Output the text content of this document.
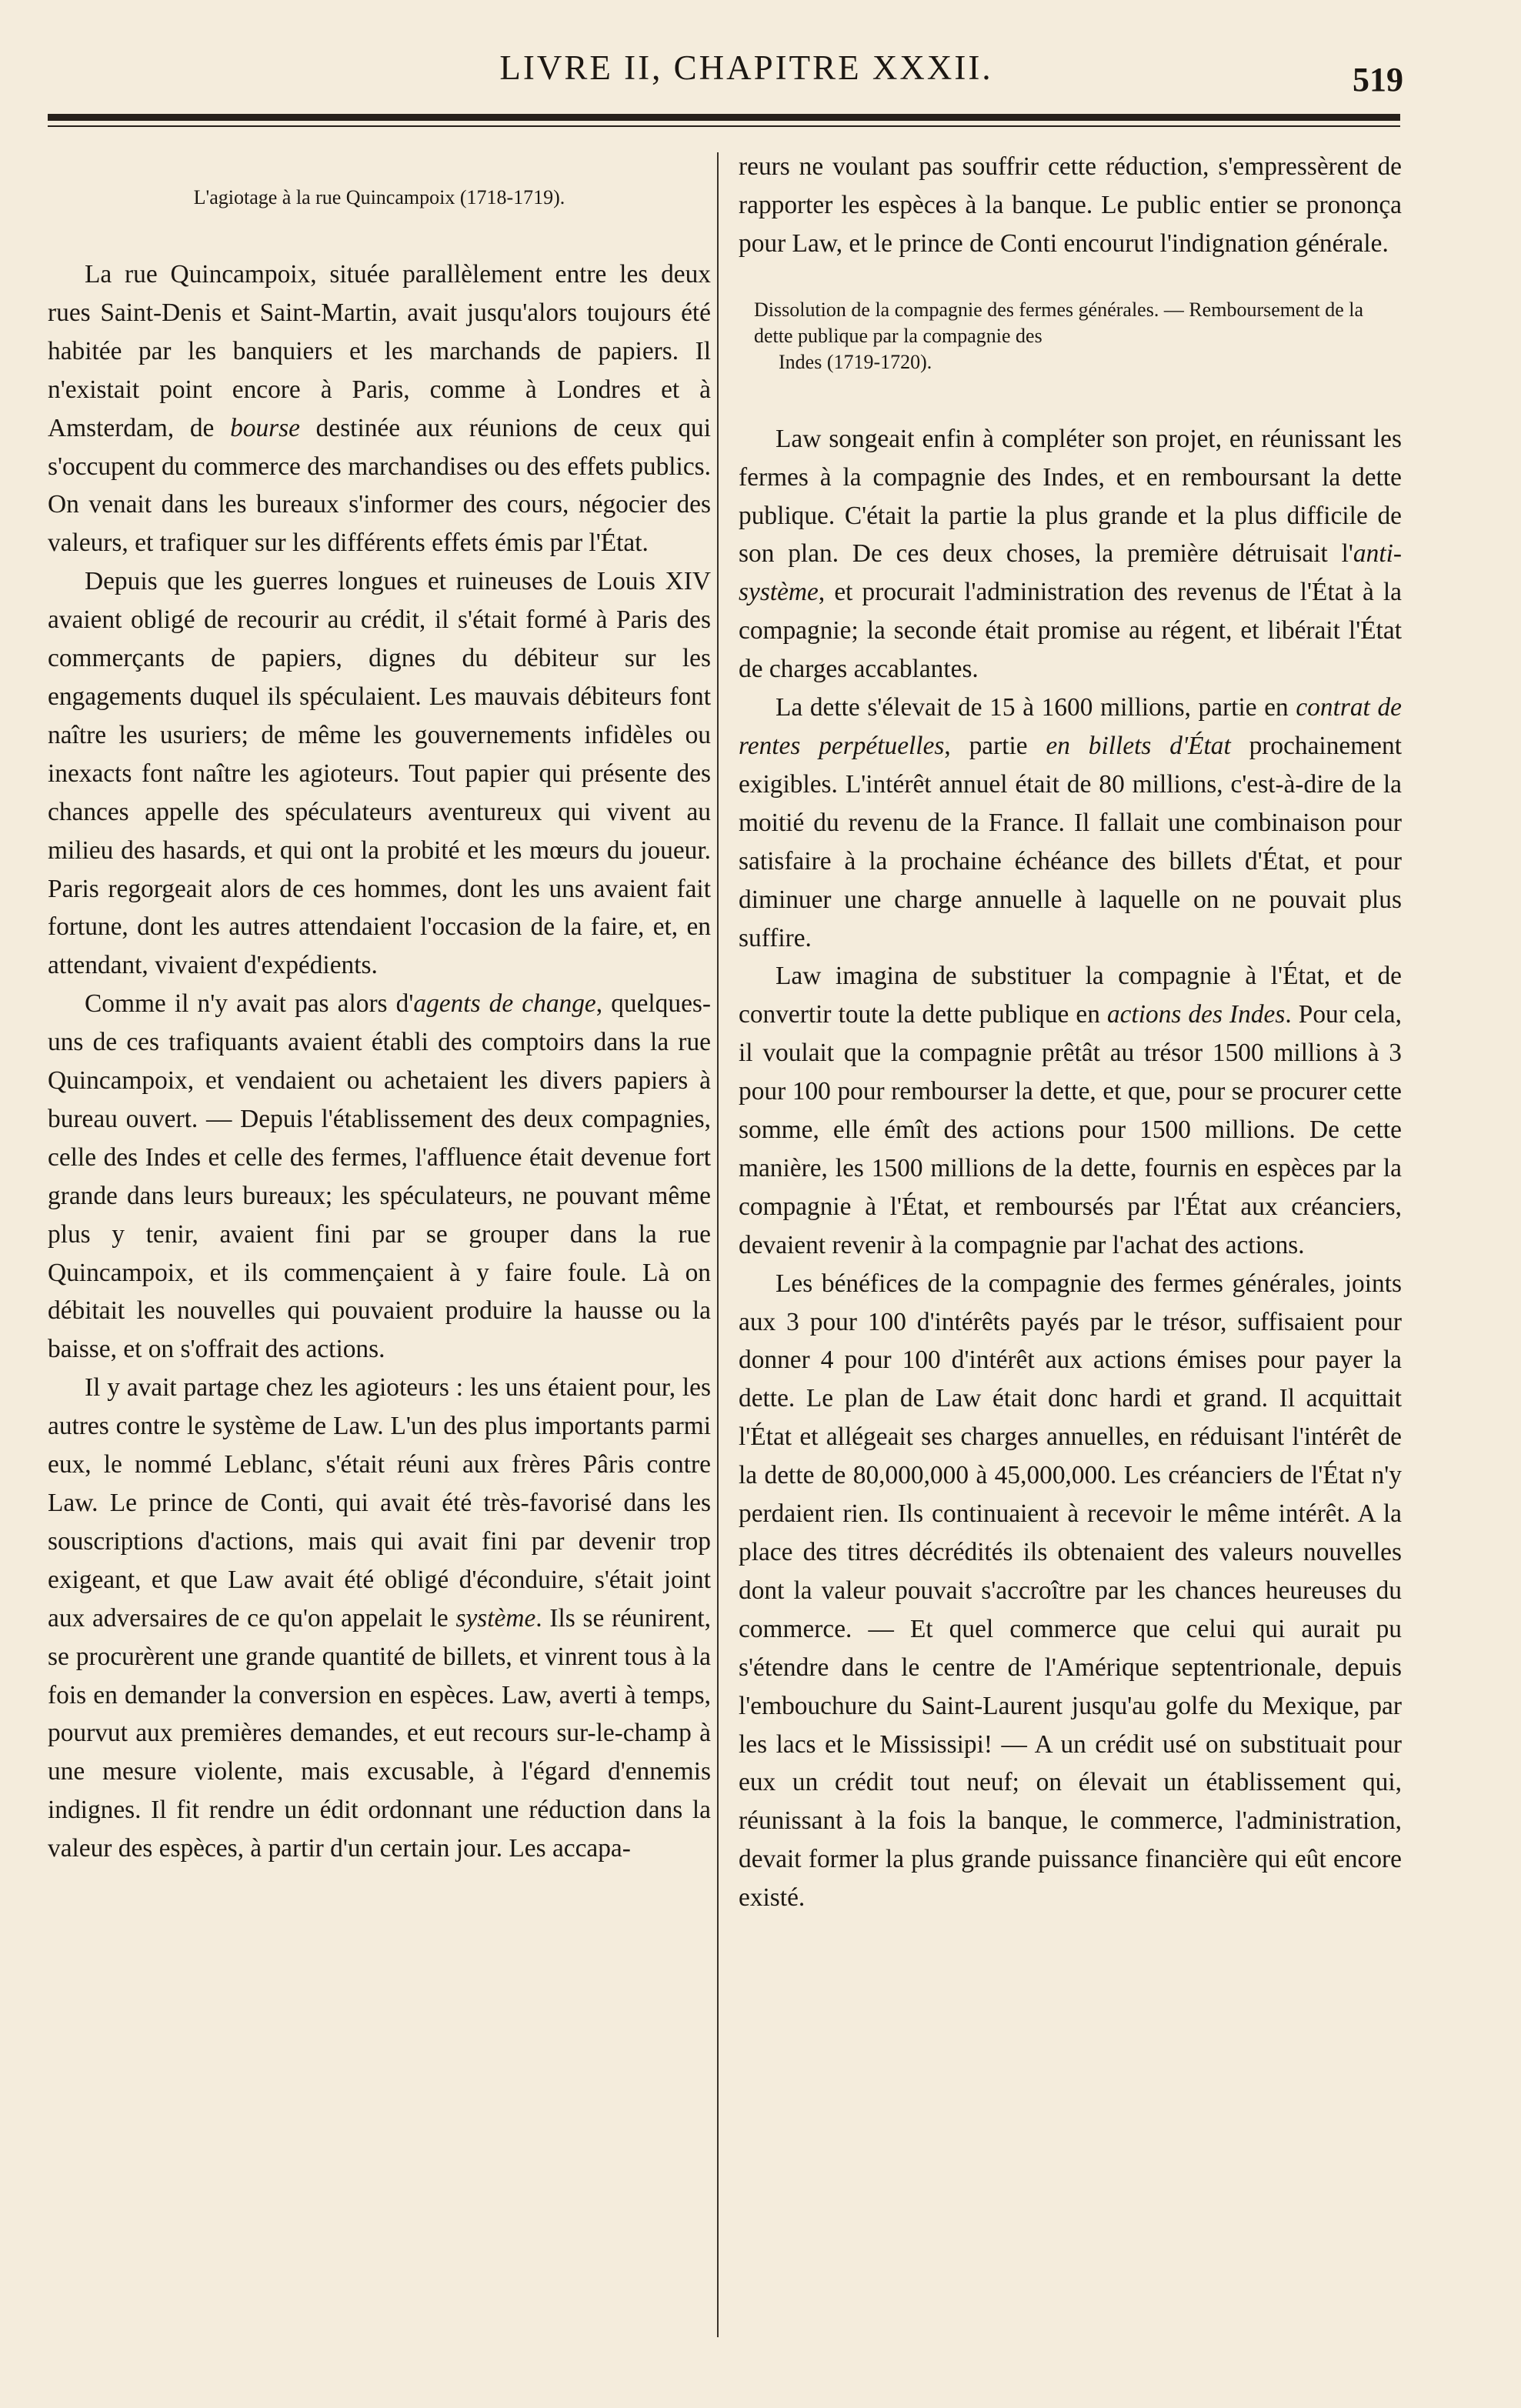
LIVRE II, CHAPITRE XXXII.	519
L'agiotage à la rue Quincampoix (1718-1719).

La rue Quincampoix, située parallèlement entre les deux rues Saint-Denis et Saint-Martin, avait jusqu'alors toujours été habitée par les banquiers et les marchands de papiers. Il n'existait point encore à Paris, comme à Londres et à Amsterdam, de bourse destinée aux réunions de ceux qui s'occupent du commerce des marchandises ou des effets publics. On venait dans les bureaux s'informer des cours, négocier des valeurs, et trafiquer sur les différents effets émis par l'État.

Depuis que les guerres longues et ruineuses de Louis XIV avaient obligé de recourir au crédit, il s'était formé à Paris des commerçants de papiers, dignes du débiteur sur les engagements duquel ils spéculaient. Les mauvais débiteurs font naître les usuriers; de même les gouvernements infidèles ou inexacts font naître les agioteurs. Tout papier qui présente des chances appelle des spéculateurs aventureux qui vivent au milieu des hasards, et qui ont la probité et les mœurs du joueur. Paris regorgeait alors de ces hommes, dont les uns avaient fait fortune, dont les autres attendaient l'occasion de la faire, et, en attendant, vivaient d'expédients.

Comme il n'y avait pas alors d'agents de change, quelques-uns de ces trafiquants avaient établi des comptoirs dans la rue Quincampoix, et vendaient ou achetaient les divers papiers à bureau ouvert. — Depuis l'établissement des deux compagnies, celle des Indes et celle des fermes, l'affluence était devenue fort grande dans leurs bureaux; les spéculateurs, ne pouvant même plus y tenir, avaient fini par se grouper dans la rue Quincampoix, et ils commençaient à y faire foule. Là on débitait les nouvelles qui pouvaient produire la hausse ou la baisse, et on s'offrait des actions.

Il y avait partage chez les agioteurs : les uns étaient pour, les autres contre le système de Law. L'un des plus importants parmi eux, le nommé Leblanc, s'était réuni aux frères Pâris contre Law. Le prince de Conti, qui avait été très-favorisé dans les souscriptions d'actions, mais qui avait fini par devenir trop exigeant, et que Law avait été obligé d'éconduire, s'était joint aux adversaires de ce qu'on appelait le système. Ils se réunirent, se procurèrent une grande quantité de billets, et vinrent tous à la fois en demander la conversion en espèces. Law, averti à temps, pourvut aux premières demandes, et eut recours sur-le-champ à une mesure violente, mais excusable, à l'égard d'ennemis indignes. Il fit rendre un édit ordonnant une réduction dans la valeur des espèces, à partir d'un certain jour. Les accapa-

reurs ne voulant pas souffrir cette réduction, s'empressèrent de rapporter les espèces à la banque. Le public entier se prononça pour Law, et le prince de Conti encourut l'indignation générale.

Dissolution de la compagnie des fermes générales. — Remboursement de la dette publique par la compagnie des
Indes (1719-1720).

Law songeait enfin à compléter son projet, en réunissant les fermes à la compagnie des Indes, et en remboursant la dette publique. C'était la partie la plus grande et la plus difficile de son plan. De ces deux choses, la première détruisait l'anti-système, et procurait l'administration des revenus de l'État à la compagnie; la seconde était promise au régent, et libérait l'État de charges accablantes.

La dette s'élevait de 15 à 1600 millions, partie en contrat de rentes perpétuelles, partie en billets d'État prochainement exigibles. L'intérêt annuel était de 80 millions, c'est-à-dire de la moitié du revenu de la France. Il fallait une combinaison pour satisfaire à la prochaine échéance des billets d'État, et pour diminuer une charge annuelle à laquelle on ne pouvait plus suffire.

Law imagina de substituer la compagnie à l'État, et de convertir toute la dette publique en actions des Indes. Pour cela, il voulait que la compagnie prêtât au trésor 1500 millions à 3 pour 100 pour rembourser la dette, et que, pour se procurer cette somme, elle émît des actions pour 1500 millions. De cette manière, les 1500 millions de la dette, fournis en espèces par la compagnie à l'État, et remboursés par l'État aux créanciers, devaient revenir à la compagnie par l'achat des actions.

Les bénéfices de la compagnie des fermes générales, joints aux 3 pour 100 d'intérêts payés par le trésor, suffisaient pour donner 4 pour 100 d'intérêt aux actions émises pour payer la dette. Le plan de Law était donc hardi et grand. Il acquittait l'État et allégeait ses charges annuelles, en réduisant l'intérêt de la dette de 80,000,000 à 45,000,000. Les créanciers de l'État n'y perdaient rien. Ils continuaient à recevoir le même intérêt. A la place des titres décrédités ils obtenaient des valeurs nouvelles dont la valeur pouvait s'accroître par les chances heureuses du commerce. — Et quel commerce que celui qui aurait pu s'étendre dans le centre de l'Amérique septentrionale, depuis l'embouchure du Saint-Laurent jusqu'au golfe du Mexique, par les lacs et le Mississipi! — A un crédit usé on substituait pour eux un crédit tout neuf; on élevait un établissement qui, réunissant à la fois la banque, le commerce, l'administration, devait former la plus grande puissance financière qui eût encore existé.
